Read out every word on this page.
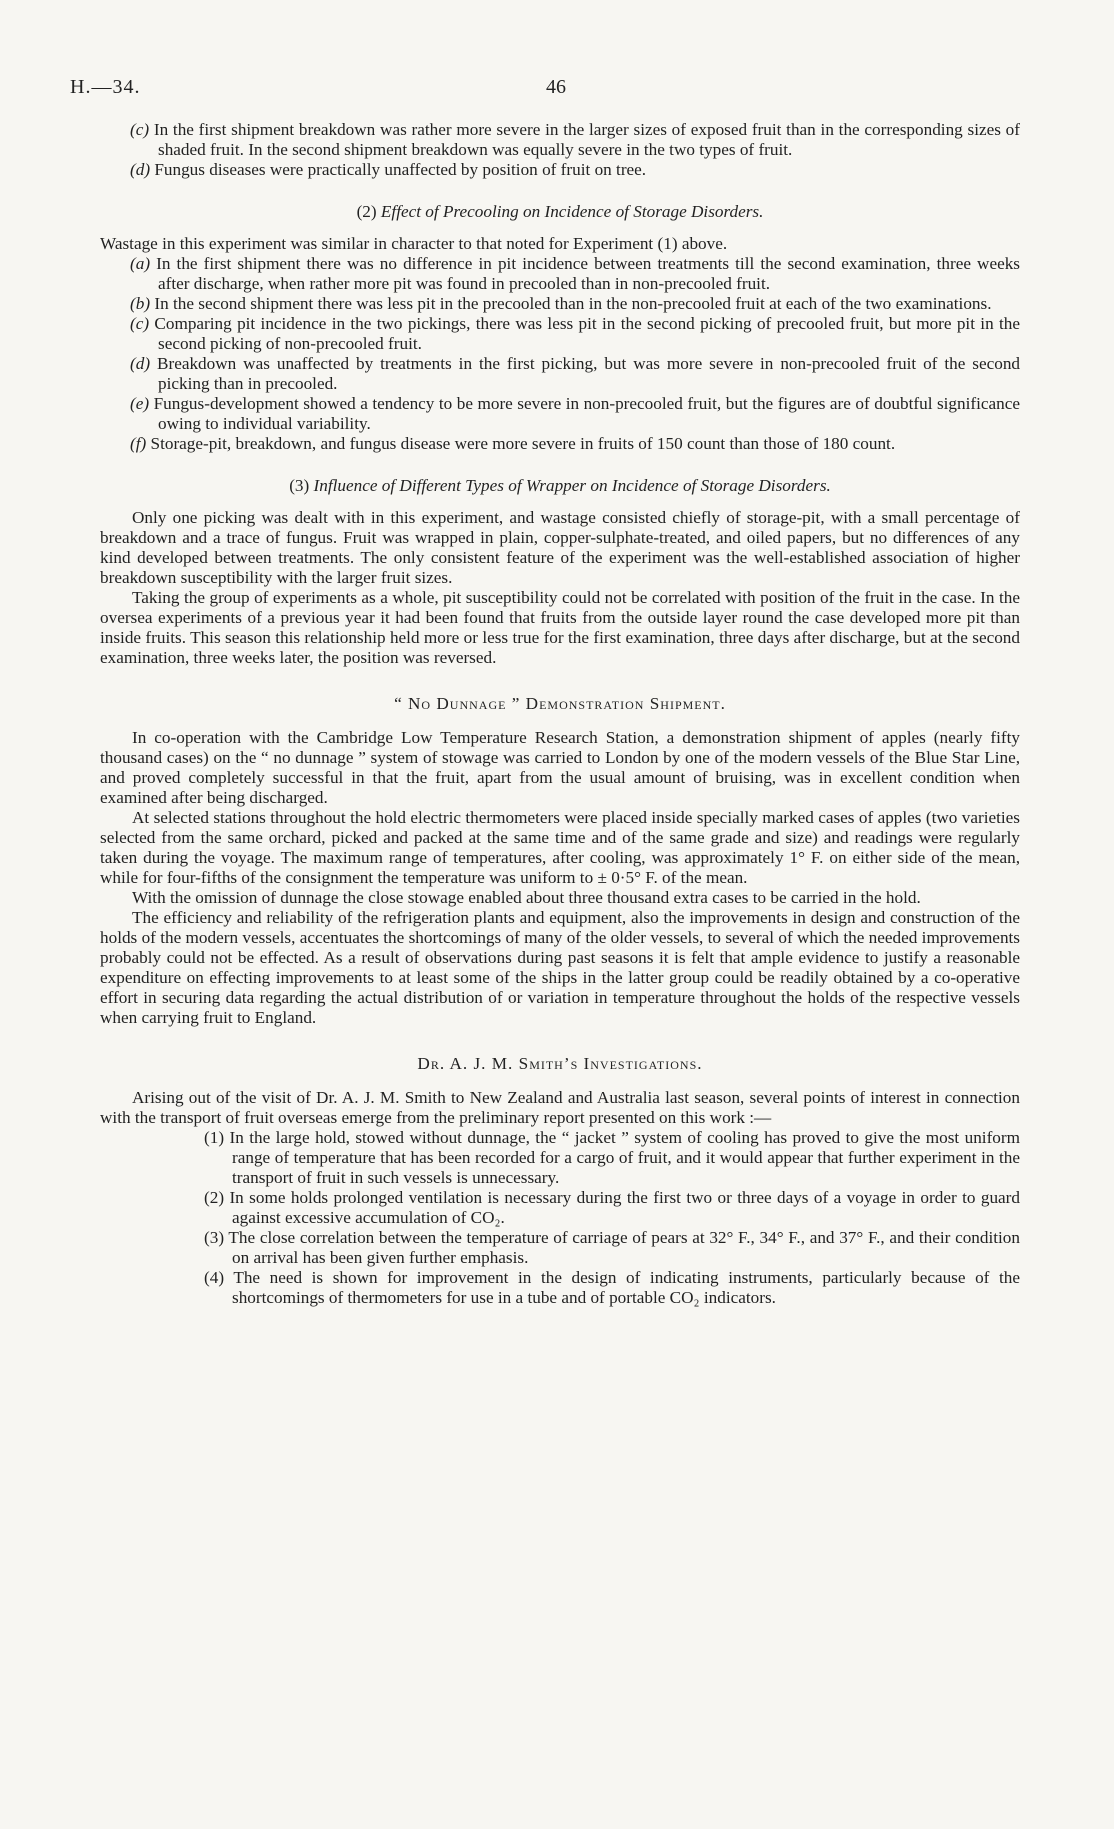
H.—34.	46

(c) In the first shipment breakdown was rather more severe in the larger sizes of exposed fruit than in the corresponding sizes of shaded fruit. In the second shipment breakdown was equally severe in the two types of fruit.

(d) Fungus diseases were practically unaffected by position of fruit on tree.

(2) Effect of Precooling on Incidence of Storage Disorders.

Wastage in this experiment was similar in character to that noted for Experiment (1) above.

(a) In the first shipment there was no difference in pit incidence between treatments till the second examination, three weeks after discharge, when rather more pit was found in precooled than in non-precooled fruit.

(b) In the second shipment there was less pit in the precooled than in the non-precooled fruit at each of the two examinations.

(c) Comparing pit incidence in the two pickings, there was less pit in the second picking of precooled fruit, but more pit in the second picking of non-precooled fruit.

(d) Breakdown was unaffected by treatments in the first picking, but was more severe in non-precooled fruit of the second picking than in precooled.

(e) Fungus-development showed a tendency to be more severe in non-precooled fruit, but the figures are of doubtful significance owing to individual variability.

(f) Storage-pit, breakdown, and fungus disease were more severe in fruits of 150 count than those of 180 count.

(3) Influence of Different Types of Wrapper on Incidence of Storage Disorders.

Only one picking was dealt with in this experiment, and wastage consisted chiefly of storage-pit, with a small percentage of breakdown and a trace of fungus. Fruit was wrapped in plain, copper-sulphate-treated, and oiled papers, but no differences of any kind developed between treatments. The only consistent feature of the experiment was the well-established association of higher breakdown susceptibility with the larger fruit sizes.

Taking the group of experiments as a whole, pit susceptibility could not be correlated with position of the fruit in the case. In the oversea experiments of a previous year it had been found that fruits from the outside layer round the case developed more pit than inside fruits. This season this relationship held more or less true for the first examination, three days after discharge, but at the second examination, three weeks later, the position was reversed.

“ No Dunnage ” Demonstration Shipment.

In co-operation with the Cambridge Low Temperature Research Station, a demonstration shipment of apples (nearly fifty thousand cases) on the “ no dunnage ” system of stowage was carried to London by one of the modern vessels of the Blue Star Line, and proved completely successful in that the fruit, apart from the usual amount of bruising, was in excellent condition when examined after being discharged.

At selected stations throughout the hold electric thermometers were placed inside specially marked cases of apples (two varieties selected from the same orchard, picked and packed at the same time and of the same grade and size) and readings were regularly taken during the voyage. The maximum range of temperatures, after cooling, was approximately 1° F. on either side of the mean, while for four-fifths of the consignment the temperature was uniform to ± 0·5° F. of the mean.

With the omission of dunnage the close stowage enabled about three thousand extra cases to be carried in the hold.

The efficiency and reliability of the refrigeration plants and equipment, also the improvements in design and construction of the holds of the modern vessels, accentuates the shortcomings of many of the older vessels, to several of which the needed improvements probably could not be effected. As a result of observations during past seasons it is felt that ample evidence to justify a reasonable expenditure on effecting improvements to at least some of the ships in the latter group could be readily obtained by a co-operative effort in securing data regarding the actual distribution of or variation in temperature throughout the holds of the respective vessels when carrying fruit to England.

Dr. A. J. M. Smith’s Investigations.

Arising out of the visit of Dr. A. J. M. Smith to New Zealand and Australia last season, several points of interest in connection with the transport of fruit overseas emerge from the preliminary report presented on this work :—

(1) In the large hold, stowed without dunnage, the “ jacket ” system of cooling has proved to give the most uniform range of temperature that has been recorded for a cargo of fruit, and it would appear that further experiment in the transport of fruit in such vessels is unnecessary.

(2) In some holds prolonged ventilation is necessary during the first two or three days of a voyage in order to guard against excessive accumulation of CO₂.

(3) The close correlation between the temperature of carriage of pears at 32° F., 34° F., and 37° F., and their condition on arrival has been given further emphasis.

(4) The need is shown for improvement in the design of indicating instruments, particularly because of the shortcomings of thermometers for use in a tube and of portable CO₂ indicators.
